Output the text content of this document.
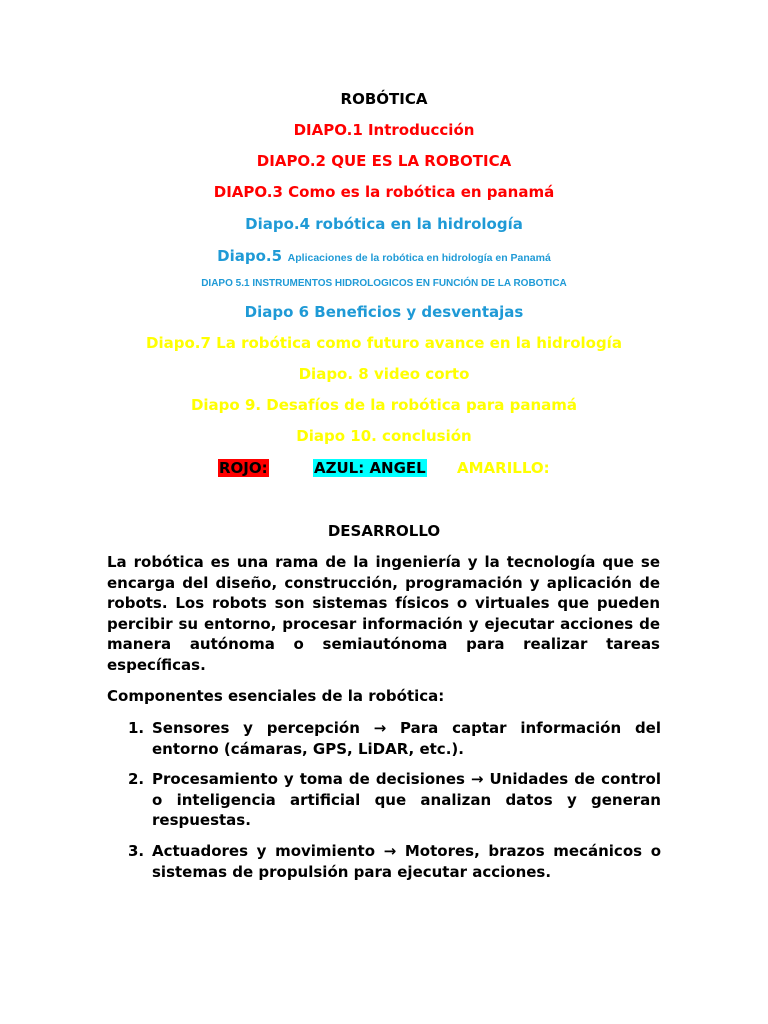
ROBÓTICA
DIAPO.1 Introducción
DIAPO.2 QUE ES LA ROBOTICA
DIAPO.3 Como es la robótica en panamá
Diapo.4 robótica en la hidrología
Diapo.5 Aplicaciones de la robótica en hidrología en Panamá
DIAPO 5.1 INSTRUMENTOS HIDROLOGICOS EN FUNCIÓN DE LA ROBOTICA
Diapo 6 Beneficios y desventajas
Diapo.7 La robótica como futuro avance en la hidrología
Diapo. 8 video corto
Diapo 9. Desafíos de la robótica para panamá
Diapo 10. conclusión
ROJO:	AZUL: ANGEL AMARILLO:
DESARROLLO
La robótica es una rama de la ingeniería y la tecnología que se encarga del diseño, construcción, programación y aplicación de robots. Los robots son sistemas físicos o virtuales que pueden percibir su entorno, procesar información y ejecutar acciones de manera autónoma o semiautónoma para realizar tareas específicas.
Componentes esenciales de la robótica:
1. Sensores y percepción → Para captar información del entorno (cámaras, GPS, LiDAR, etc.).
2. Procesamiento y toma de decisiones → Unidades de control o inteligencia artificial que analizan datos y generan respuestas.
3. Actuadores y movimiento → Motores, brazos mecánicos o sistemas de propulsión para ejecutar acciones.
